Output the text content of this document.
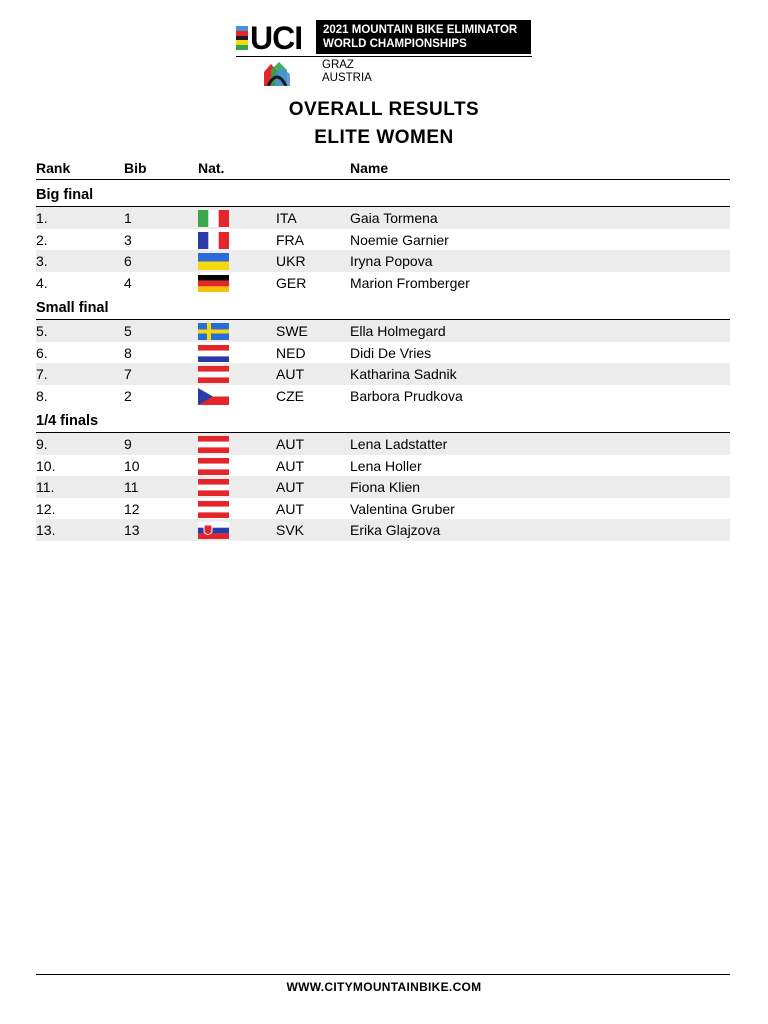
UCI 2021 MOUNTAIN BIKE ELIMINATOR
WORLD CHAMPIONSHIPS
GRAZ
AUSTRIA
OVERALL RESULTS
ELITE WOMEN
Rank	Bib	Nat.	Name
Big final
1.	1	ITA	Gaia Tormena
2.	3	FRA	Noemie Garnier
3.	6	UKR	Iryna Popova
4.	4	GER	Marion Fromberger
Small final
5.	5	SWE	Ella Holmegard
6.	8	NED	Didi De Vries
7.	7	AUT	Katharina Sadnik
8.	2	CZE	Barbora Prudkova
1/4 finals
9.	9	AUT	Lena Ladstatter
10.	10	AUT	Lena Holler
11.	11	AUT	Fiona Klien
12.	12	AUT	Valentina Gruber
13.	13	SVK	Erika Glajzova
WWW.CITYMOUNTAINBIKE.COM
